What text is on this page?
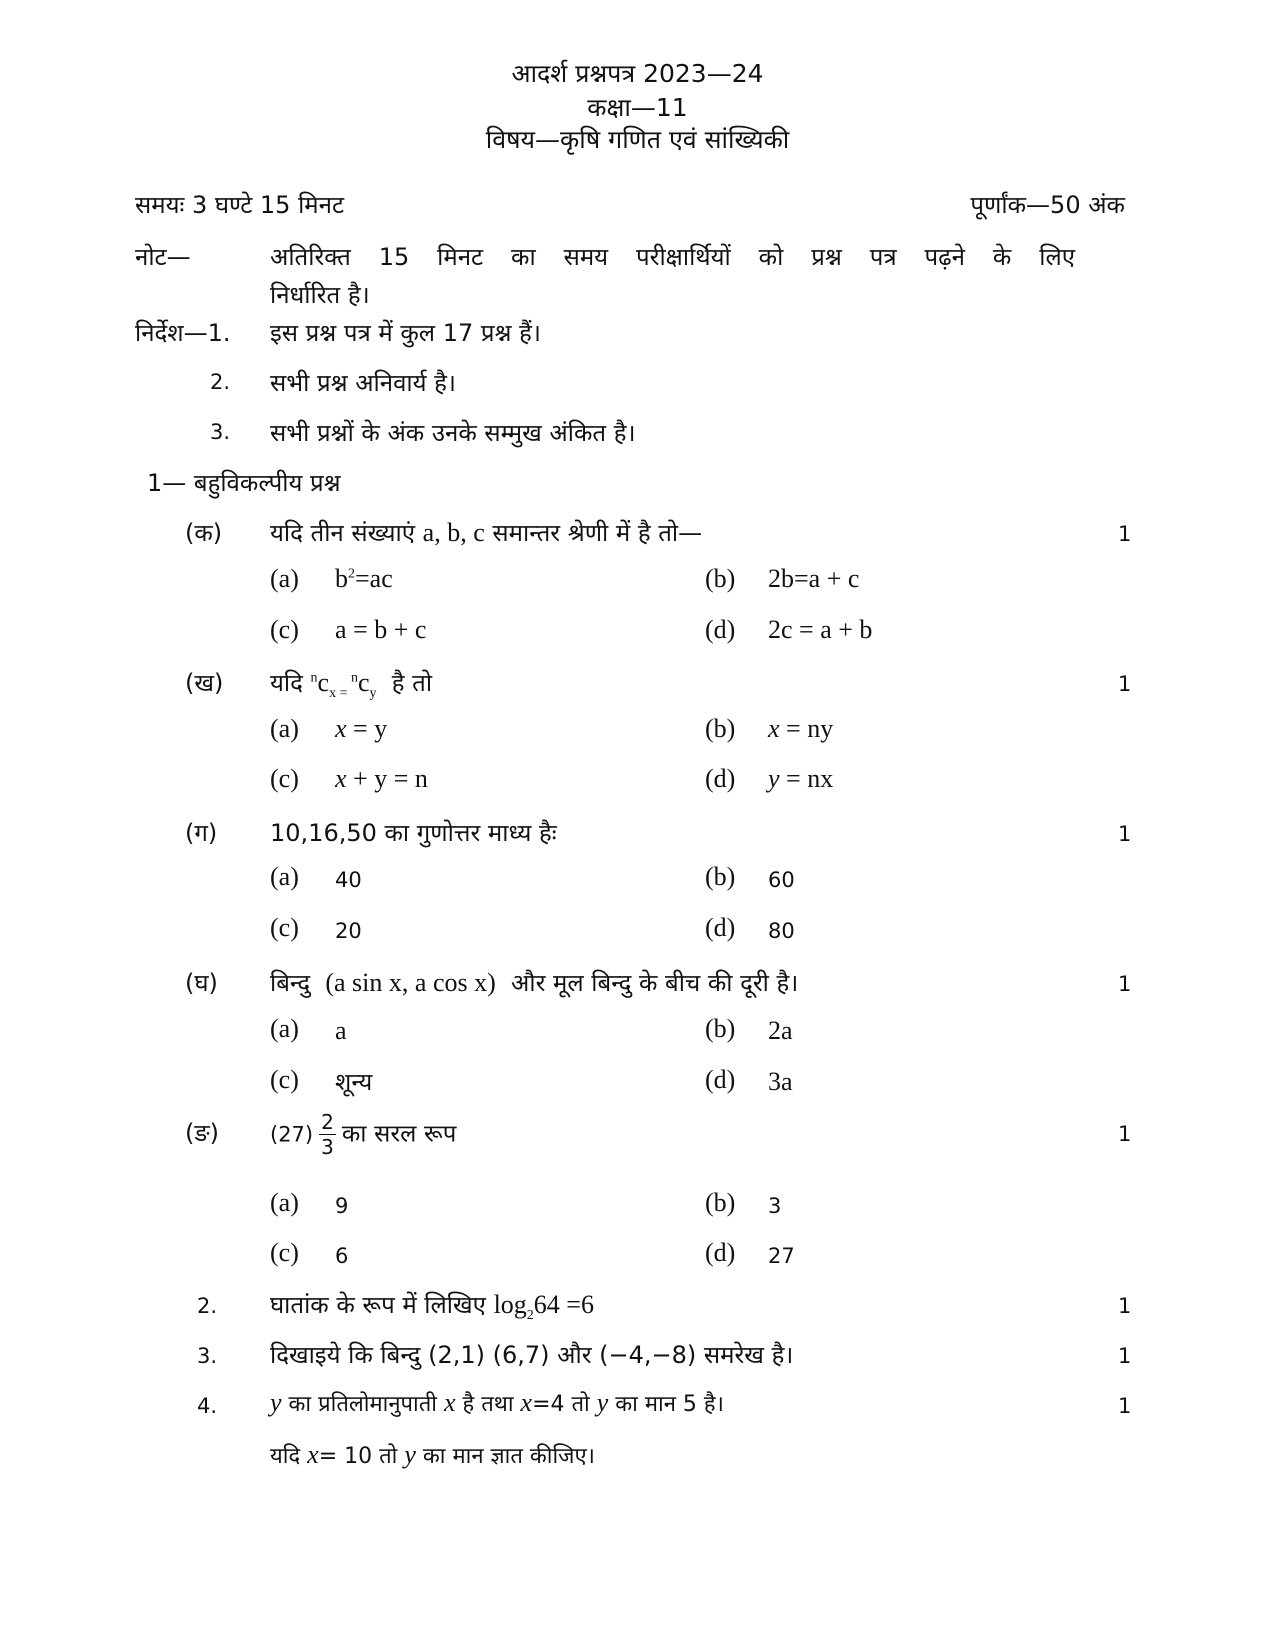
आदर्श प्रश्नपत्र 2023—24
कक्षा—11
विषय—कृषि गणित एवं सांख्यिकी
समयः 3 घण्टे 15 मिनट	पूर्णांक—50 अंक
नोट—	अतिरिक्त 15 मिनट का समय परीक्षार्थियों को प्रश्न पत्र पढ़ने के लिए
निर्धारित है।
निर्देश—1. इस प्रश्न पत्र में कुल 17 प्रश्न हैं।
2. सभी प्रश्न अनिवार्य है।
3. सभी प्रश्नों के अंक उनके सम्मुख अंकित है।
1— बहुविकल्पीय प्रश्न
(क) यदि तीन संख्याएं a, b, c समान्तर श्रेणी में है तो—	1
(a) $b^2=ac$	(b) 2b=a + c
(c) a = b + c	(d) 2c = a + b
(ख) यदि $^nc_x$ $_=$ $^nc_y$ है तो	1
(a) x = y	(b) x = ny
(c) x + y = n	(d) y = nx
(ग) 10,16,50 का गुणोत्तर माध्य हैः	1
(a) 40	(b) 60
(c) 20	(d) 80
(घ) बिन्दु (a sin x, a cos x) और मूल बिन्दु के बीच की दूरी है।	1
(a) a	(b) 2a
(c) शून्य	(d) 3a
(ङ) $(27) \frac{2}{3}$ का सरल रूप	1
(a) 9	(b) 3
(c) 6	(d) 27
2. घातांक के रूप में लिखिए $\log_264 =6$	1
3. दिखाइये कि बिन्दु (2,1) (6,7) और (−4,−8) समरेख है।	1
4. y का प्रतिलोमानुपाती x है तथा x=4 तो y का मान 5 है।	1
यदि x= 10 तो y का मान ज्ञात कीजिए।
